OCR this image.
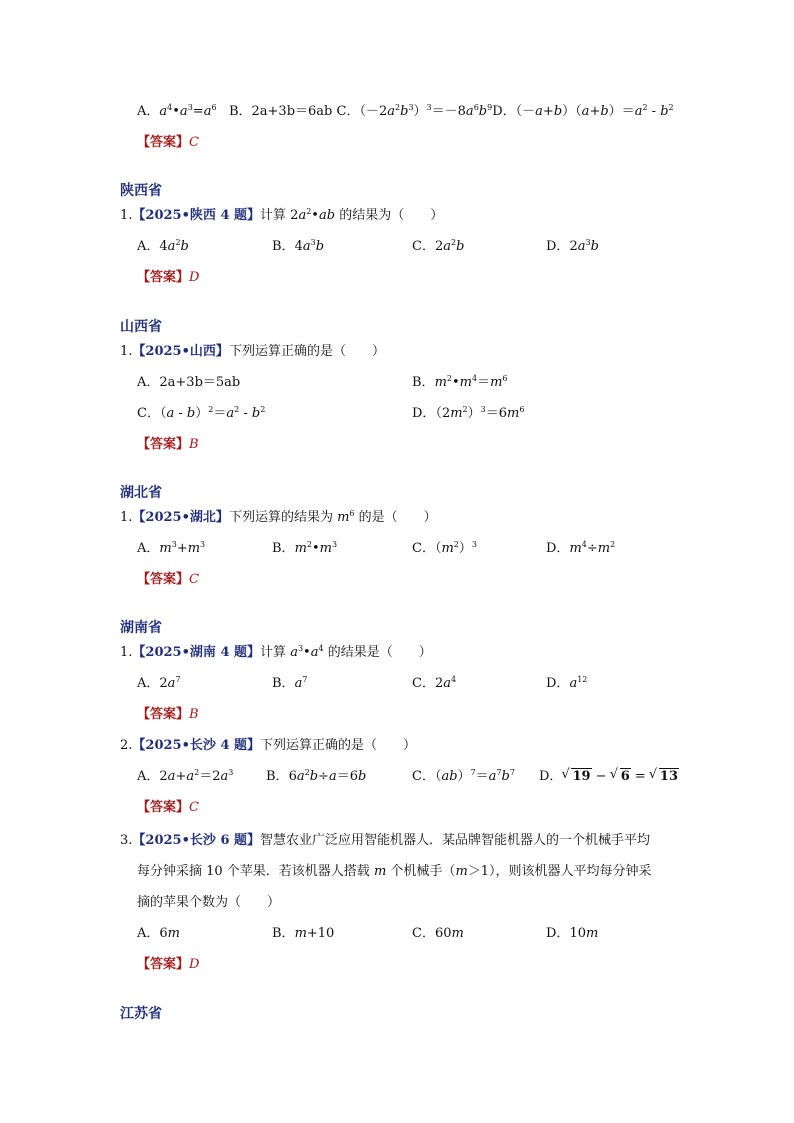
A．$a^4•a^3=a^6$ B．2a+3b＝6ab C．$(-2a^2b^3)^3=-8a^6b^9D$．$(-a+b)(a+b)=a^2 - b^2$
【答案】C
陕西省
1.【2025•陕西 4 题】计算 $2a^2•ab$ 的结果为（　　）
A．$4a^2b$	B．$4a^3b$	C．$2a^2b$	D．$2a^3b$
【答案】D
山西省
1.【2025•山西】下列运算正确的是（　　）
A．2a+3b＝5ab	B．$m^2•m^4=m^6$
C．$(a - b)^2=a^2 - b^2$	D．$(2m^2)^3=6m^6$
【答案】B
湖北省
1.【2025•湖北】下列运算的结果为 $m^6$ 的是（　　）
A．$m^3+m^3$	B．$m^2•m^3$	C．$(m^2)^3$	D．$m^4\div m^2$
【答案】C
湖南省
1.【2025•湖南 4 题】计算 $a^3•a^4$ 的结果是（　　）
A．$2a^7$	B．$a^7$	C．$2a^4$	D．$a^{12}$
【答案】B
2.【2025•长沙 4 题】下列运算正确的是（　　）
A．$2a+a^2=2a^3$	B．$6a^2b\div a=6b$	C．$(ab)^7=a^7b^7$ D．√ 19 − √ 6 = √ 13
【答案】C
3.【2025•长沙 6 题】智慧农业广泛应用智能机器人．某品牌智能机器人的一个机械手平均
每分钟采摘 10 个苹果．若该机器人搭载 m 个机械手（m＞1），则该机器人平均每分钟采
摘的苹果个数为（　　）
A．6m	B．m+10	C．60m	D．10m
【答案】D
江苏省
